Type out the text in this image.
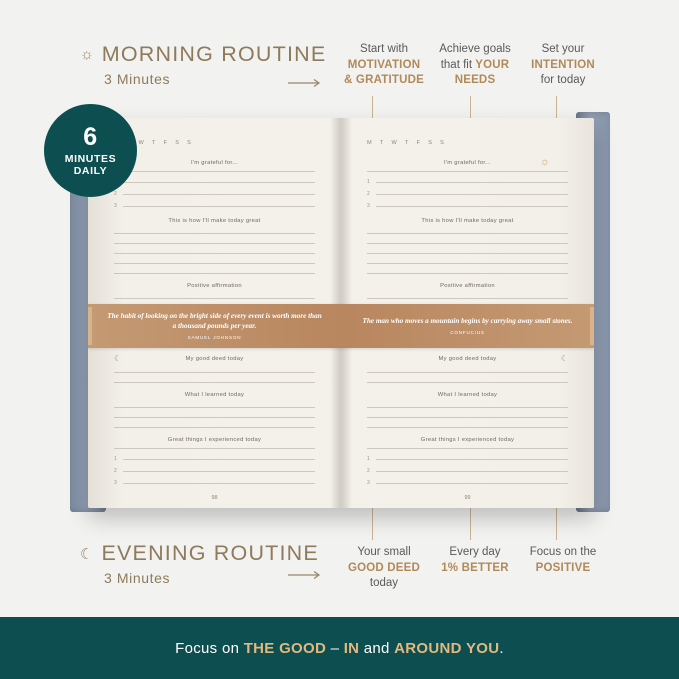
6
MINUTES
DAILY
☼ MORNING ROUTINE
3 Minutes
☾ EVENING ROUTINE
3 Minutes
Start with
MOTIVATION
& GRATITUDE
Achieve goals
that fit YOUR
NEEDS
Set your
INTENTION
for today
Your small
GOOD DEED
today
Every day
1% BETTER
Focus on the
POSITIVE
W T F S S
I'm grateful for...
2
3
This is how I'll make today great
Positive affirmation
☾	My good deed today
What I learned today
Great things I experienced today
1
2
3
98
M T W T F S S
I'm grateful for...
1
2
3
This is how I'll make today great
Positive affirmation
My good deed today	☾
What I learned today
Great things I experienced today
1
2
3
99
☼
The habit of looking on the bright side of every event is worth more than a thousand pounds per year.
SAMUEL JOHNSON
The man who moves a mountain begins by carrying away small stones.
CONFUCIUS
Focus on THE GOOD – IN and AROUND YOU.
